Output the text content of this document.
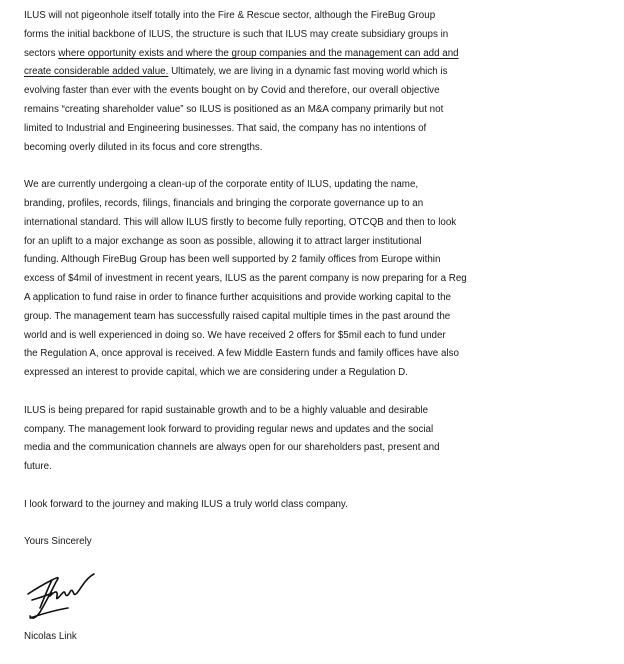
ILUS will not pigeonhole itself totally into the Fire & Rescue sector, although the FireBug Group
forms the initial backbone of ILUS, the structure is such that ILUS may create subsidiary groups in
sectors where opportunity exists and where the group companies and the management can add and
create considerable added value. Ultimately, we are living in a dynamic fast moving world which is
evolving faster than ever with the events bought on by Covid and therefore, our overall objective
remains “creating shareholder value” so ILUS is positioned as an M&A company primarily but not
limited to Industrial and Engineering businesses. That said, the company has no intentions of
becoming overly diluted in its focus and core strengths.

We are currently undergoing a clean-up of the corporate entity of ILUS, updating the name,
branding, profiles, records, filings, financials and bringing the corporate governance up to an
international standard. This will allow ILUS firstly to become fully reporting, OTCQB and then to look
for an uplift to a major exchange as soon as possible, allowing it to attract larger institutional
funding. Although FireBug Group has been well supported by 2 family offices from Europe within
excess of $4mil of investment in recent years, ILUS as the parent company is now preparing for a Reg
A application to fund raise in order to finance further acquisitions and provide working capital to the
group. The management team has successfully raised capital multiple times in the past around the
world and is well experienced in doing so. We have received 2 offers for $5mil each to fund under
the Regulation A, once approval is received. A few Middle Eastern funds and family offices have also
expressed an interest to provide capital, which we are considering under a Regulation D.

ILUS is being prepared for rapid sustainable growth and to be a highly valuable and desirable
company. The management look forward to providing regular news and updates and the social
media and the communication channels are always open for our shareholders past, present and
future.

I look forward to the journey and making ILUS a truly world class company.

Yours Sincerely

Nicolas Link
